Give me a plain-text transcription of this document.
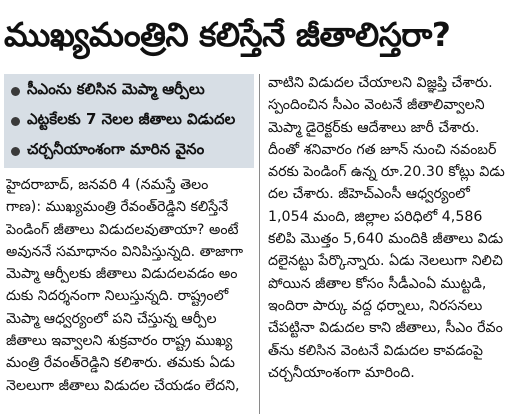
ముఖ్యమంత్రిని కలిస్తేనే జీతాలిస్తరా?
సీఎంను కలిసిన మెప్మా ఆర్పీలు
ఎట్టకేలకు 7 నెలల జీతాలు విడుదల
చర్చనీయాంశంగా మారిన వైనం
హైదరాబాద్, జనవరి 4 (నమస్తే తెలం
గాణ): ముఖ్యమంత్రి రేవంత్‌రెడ్డిని కలిస్తేనే
పెండింగ్ జీతాలు విడుదలవుతాయా? అంటే
అవుననే సమాధానం వినిపిస్తున్నది. తాజాగా
మెప్మా ఆర్పీలకు జీతాలు విడుదలవడం అం
దుకు నిదర్శనంగా నిలుస్తున్నది. రాష్ట్రంలో
మెప్మా ఆధ్వర్యంలో పని చేస్తున్న ఆర్పీల
జీతాలు ఇవ్వాలని శుక్రవారం రాష్ట్ర ముఖ్య
మంత్రి రేవంత్‌రెడ్డిని కలిశారు. తమకు ఏడు
నెలలుగా జీతాలు విడుదల చేయడం లేదని,
వాటిని విడుదల చేయాలని విజ్ఞప్తి చేశారు.
స్పందించిన సీఎం వెంటనే జీతాలివ్వాలని
మెప్మా డైరెక్టర్‌కు ఆదేశాలు జారీ చేశారు.
దీంతో శనివారం గత జూన్ నుంచి నవంబర్
వరకు పెండింగ్ ఉన్న రూ.20.30 కోట్లు విడు
దల చేశారు. జీహెచ్‌ఎంసీ ఆధ్వర్యంలో
1,054 మంది, జిల్లాల పరిధిలో 4,586
కలిపి మొత్తం 5,640 మందికి జీతాలు విడు
దలైనట్టు పేర్కొన్నారు. ఏడు నెలలుగా నిలిచి
పోయిన జీతాల కోసం సీడీఎంఏ ముట్టడి,
ఇందిరా పార్కు వద్ద ధర్నాలు, నిరసనలు
చేపట్టినా విడుదల కాని జీతాలు, సీఎం రేవం
త్‌ను కలిసిన వెంటనే విడుదల కావడంపై
చర్చనీయాంశంగా మారింది.
